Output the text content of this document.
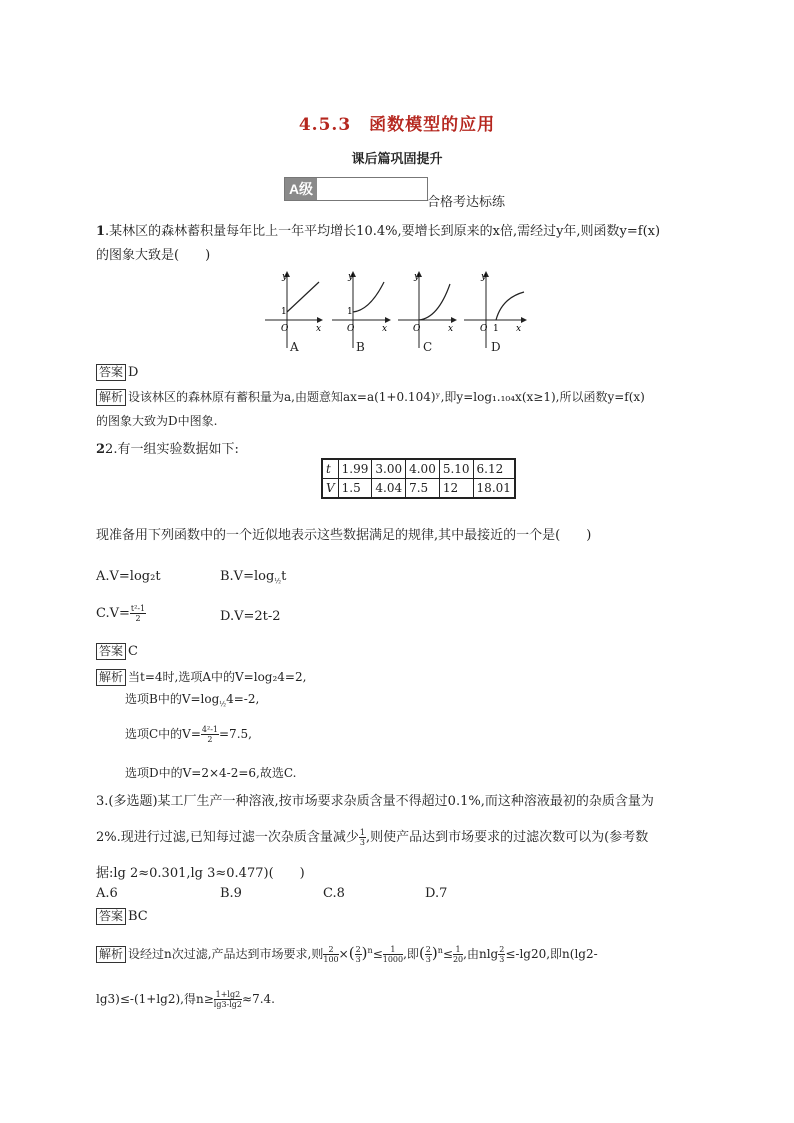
4.5.3　函数模型的应用
课后篇巩固提升
A级
合格考达标练
1.某林区的森林蓄积量每年比上一年平均增长10.4%,要增长到原来的x倍,需经过y年,则函数y=f(x)
的图象大致是(　　)
1
O	x
y
1
O	x
y
O	x
y
O 1 x
y
A	B	C	D
答案 D
解析 设该林区的森林原有蓄积量为a,由题意知ax=a(1+0.104)ʸ,即y=log₁.₁₀₄x(x≥1),所以函数y=f(x)
的图象大致为D中图象.
22.有一组实验数据如下:
t	1.99	3.00	4.00	5.10	6.12
V	1.5	4.04	7.5	12	18.01
现准备用下列函数中的一个近似地表示这些数据满足的规律,其中最接近的一个是(　　)
A.V=log₂t	$B.V=\log_{\frac{1}{2}}t$
$C.V= \frac{\text{t²-1}}{2}$	D.V=2t-2
答案 C
解析 当t=4时,选项A中的V=log₂4=2,
选项B中的$V=\log_{\frac{1}{2}}4=-2$,
选项C中的$V= \frac{\text{4²-1}}{2} =7.5$,
选项D中的V=2×4-2=6,故选C.
3.(多选题)某工厂生产一种溶液,按市场要求杂质含量不得超过0.1%,而这种溶液最初的杂质含量为
2%.现进行过滤,已知每过滤一次杂质含量减少 $\frac{1}{3}$ ,则使产品达到市场要求的过滤次数可以为(参考数
据:lg 2≈0.301,lg 3≈0.477)(　　)
A.6	B.9	C.8	D.7
答案 BC
解析 设经过n次过滤,产品达到市场要求,则 $\frac{2}{100}$ ×( $\frac{2}{3} )^n\le \frac{1}{1000}$ ,即( $\frac{2}{3} )^n\le \frac{1}{20}$ ,由nlg $\frac{2}{3} \le-\lg 20$,即n(lg2-
lg3)≤-(1+lg2),得$n\ge \frac{1+\lg 2}{\lg 3-\lg 2} \approx 7.4$.
